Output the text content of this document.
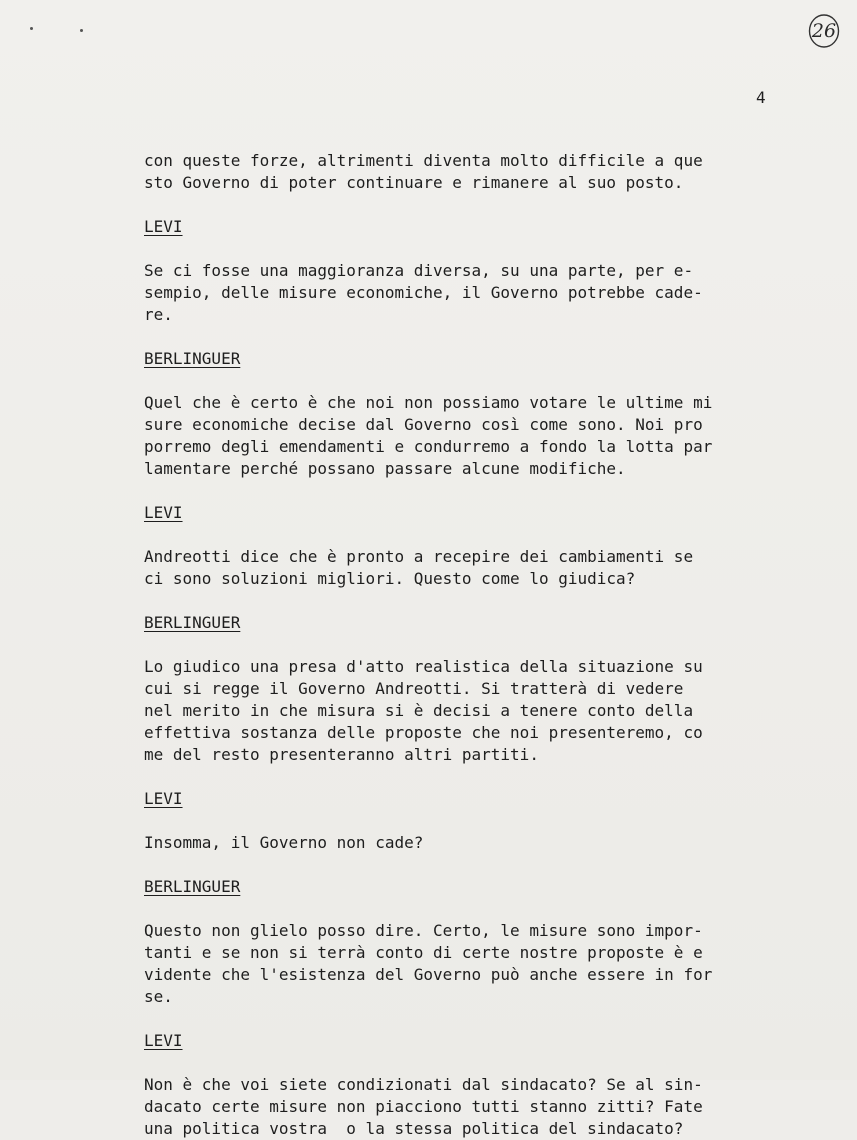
26
4
con queste forze, altrimenti diventa molto difficile a que
sto Governo di poter continuare e rimanere al suo posto.
LEVI
Se ci fosse una maggioranza diversa, su una parte, per e-
sempio, delle misure economiche, il Governo potrebbe cade-
re.
BERLINGUER
Quel che è certo è che noi non possiamo votare le ultime mi
sure economiche decise dal Governo così come sono. Noi pro
porremo degli emendamenti e condurremo a fondo la lotta par
lamentare perché possano passare alcune modifiche.
LEVI
Andreotti dice che è pronto a recepire dei cambiamenti se
ci sono soluzioni migliori. Questo come lo giudica?
BERLINGUER
Lo giudico una presa d'atto realistica della situazione su
cui si regge il Governo Andreotti. Si tratterà di vedere
nel merito in che misura si è decisi a tenere conto della
effettiva sostanza delle proposte che noi presenteremo, co
me del resto presenteranno altri partiti.
LEVI
Insomma, il Governo non cade?
BERLINGUER
Questo non glielo posso dire. Certo, le misure sono impor-
tanti e se non si terrà conto di certe nostre proposte è e
vidente che l'esistenza del Governo può anche essere in for
se.
LEVI
Non è che voi siete condizionati dal sindacato? Se al sin-
dacato certe misure non piacciono tutti stanno zitti? Fate
una politica vostra  o la stessa politica del sindacato?
